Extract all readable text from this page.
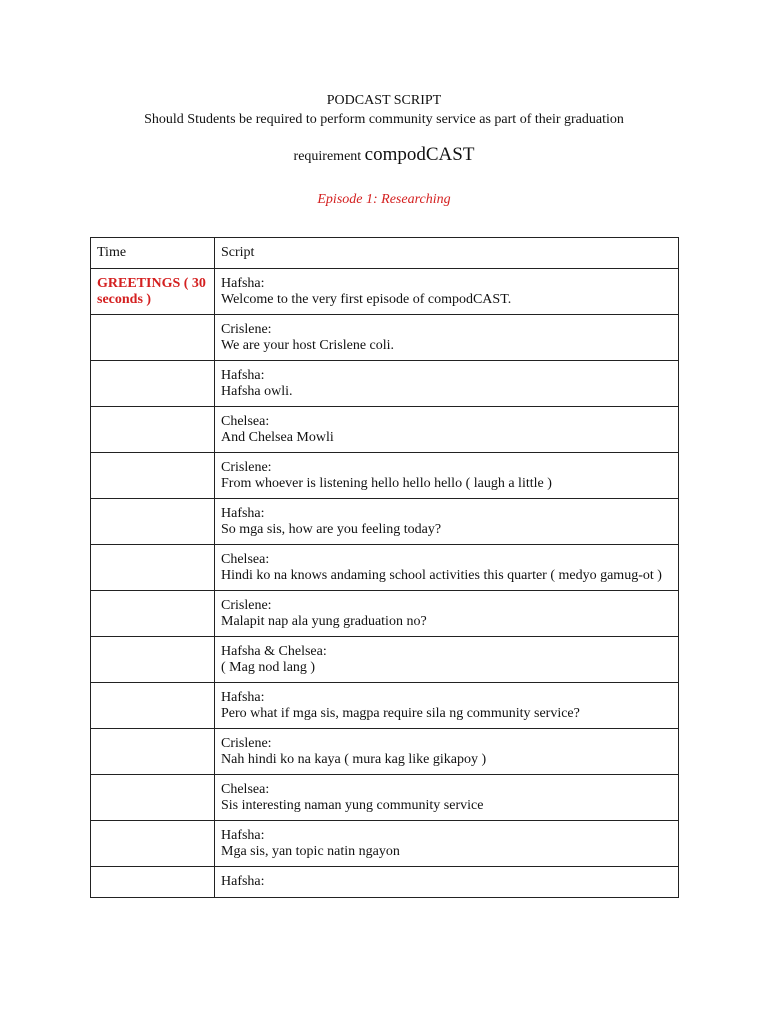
PODCAST SCRIPT
Should Students be required to perform community service as part of their graduation
requirement compodCAST
Episode 1: Researching
Time	Script

GREETINGS ( 30 seconds )	Hafsha:
Welcome to the very first episode of compodCAST.

	Crislene:
We are your host Crislene coli.

	Hafsha:
Hafsha owli.

	Chelsea:
And Chelsea Mowli

	Crislene:
From whoever is listening hello hello hello ( laugh a little )

	Hafsha:
So mga sis, how are you feeling today?

	Chelsea:
Hindi ko na knows andaming school activities this quarter ( medyo gamug-ot )

	Crislene:
Malapit nap ala yung graduation no?

	Hafsha & Chelsea:
( Mag nod lang )

	Hafsha:
Pero what if mga sis, magpa require sila ng community service?

	Crislene:
Nah hindi ko na kaya ( mura kag like gikapoy )

	Chelsea:
Sis interesting naman yung community service

	Hafsha:
Mga sis, yan topic natin ngayon

	Hafsha:
